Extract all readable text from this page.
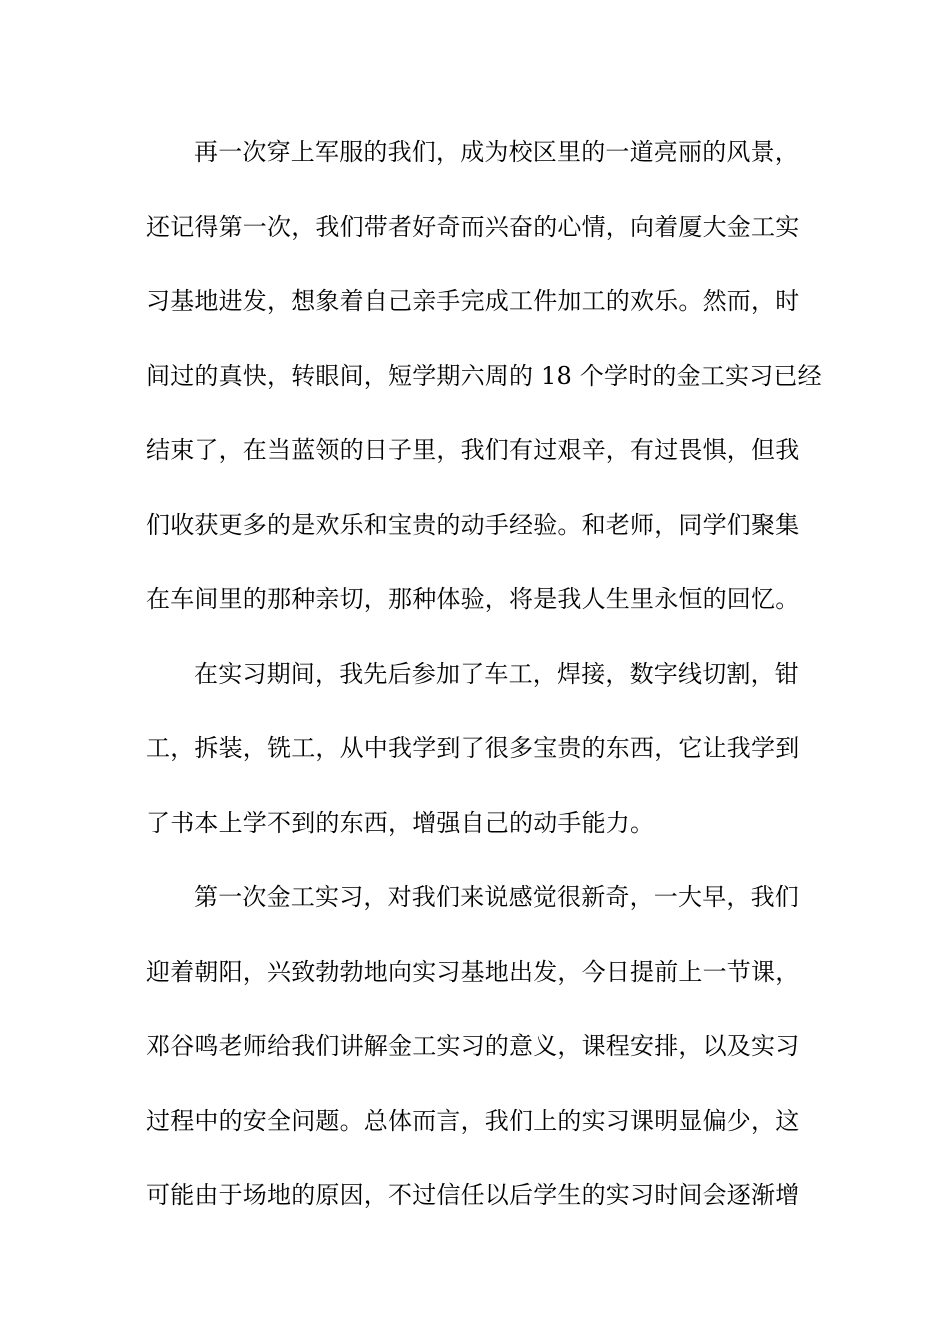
再一次穿上军服的我们，成为校区里的一道亮丽的风景，
还记得第一次，我们带者好奇而兴奋的心情，向着厦大金工实
习基地进发，想象着自己亲手完成工件加工的欢乐。然而，时
间过的真快，转眼间，短学期六周的 18 个学时的金工实习已经
结束了，在当蓝领的日子里，我们有过艰辛，有过畏惧，但我
们收获更多的是欢乐和宝贵的动手经验。和老师，同学们聚集
在车间里的那种亲切，那种体验，将是我人生里永恒的回忆。
在实习期间，我先后参加了车工，焊接，数字线切割，钳
工，拆装，铣工，从中我学到了很多宝贵的东西，它让我学到
了书本上学不到的东西，增强自己的动手能力。
第一次金工实习，对我们来说感觉很新奇，一大早，我们
迎着朝阳，兴致勃勃地向实习基地出发，今日提前上一节课，
邓谷鸣老师给我们讲解金工实习的意义，课程安排，以及实习
过程中的安全问题。总体而言，我们上的实习课明显偏少，这
可能由于场地的原因，不过信任以后学生的实习时间会逐渐增
